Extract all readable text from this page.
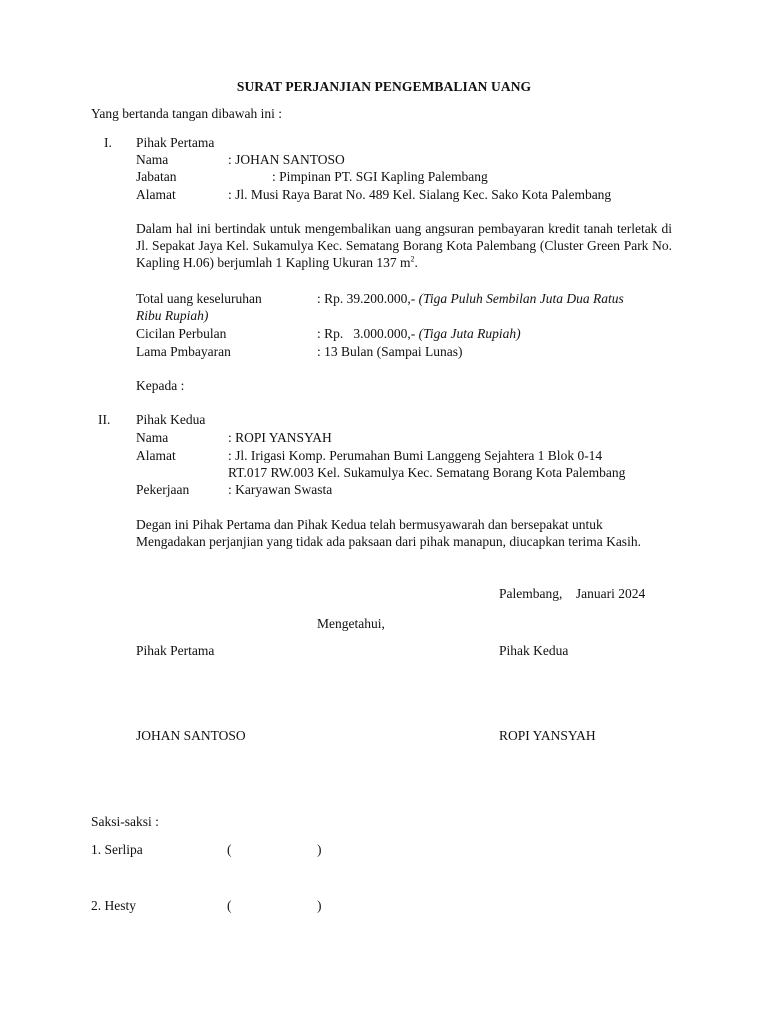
SURAT PERJANJIAN PENGEMBALIAN UANG
Yang bertanda tangan dibawah ini :
I. Pihak Pertama
Nama	: JOHAN SANTOSO
Jabatan	: Pimpinan PT. SGI Kapling Palembang
Alamat	: Jl. Musi Raya Barat No. 489 Kel. Sialang Kec. Sako Kota Palembang
Dalam hal ini bertindak untuk mengembalikan uang angsuran pembayaran kredit tanah terletak di Jl. Sepakat Jaya Kel. Sukamulya Kec. Sematang Borang Kota Palembang (Cluster Green Park No. Kapling H.06) berjumlah 1 Kapling Ukuran 137 $m^2$.
Total uang keseluruhan	: Rp. 39.200.000,- (Tiga Puluh Sembilan Juta Dua Ratus
Ribu Rupiah)
Cicilan Perbulan	: Rp.   3.000.000,- (Tiga Juta Rupiah)
Lama Pmbayaran	: 13 Bulan (Sampai Lunas)
Kepada :
II. Pihak Kedua
Nama	: ROPI YANSYAH
Alamat	: Jl. Irigasi Komp. Perumahan Bumi Langgeng Sejahtera 1 Blok 0-14
RT.017 RW.003 Kel. Sukamulya Kec. Sematang Borang Kota Palembang
Pekerjaan	: Karyawan Swasta
Degan ini Pihak Pertama dan Pihak Kedua telah bermusyawarah dan bersepakat untuk Mengadakan perjanjian yang tidak ada paksaan dari pihak manapun, diucapkan terima Kasih.
Palembang,    Januari 2024
Mengetahui,
Pihak Pertama	Pihak Kedua
JOHAN SANTOSO	ROPI YANSYAH
Saksi-saksi :
1. Serlipa	(	)
2. Hesty	(	)
